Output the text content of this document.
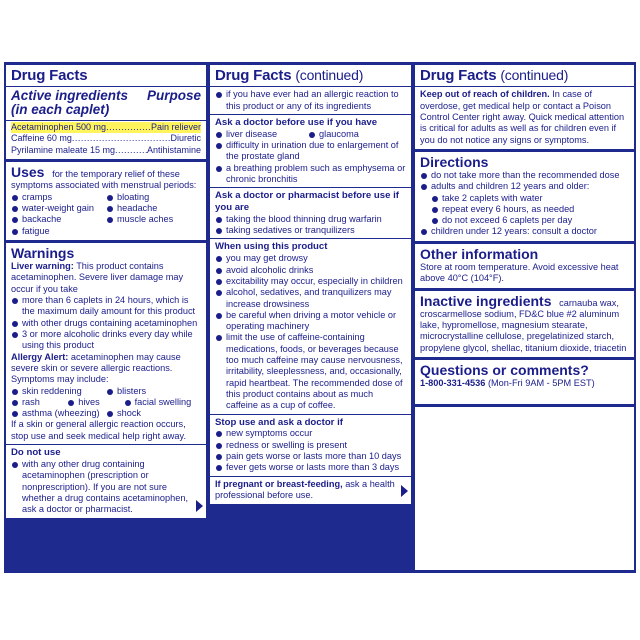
Drug Facts
Active ingredients Purpose
(in each caplet)
Acetaminophen 500 mg .....	Pain reliever
Caffeine 60 mg .....	Diuretic
Pyrilamine maleate 15 mg .....	Antihistamine
Uses for the temporary relief of these symptoms associated with menstrual periods:
cramps	bloating
water-weight gain	headache
backache	muscle aches
fatigue
Warnings
Liver warning: This product contains acetaminophen. Severe liver damage may occur if you take
more than 6 caplets in 24 hours, which is the maximum daily amount for this product
with other drugs containing acetaminophen
3 or more alcoholic drinks every day while using this product
Allergy Alert: acetaminophen may cause severe skin or severe allergic reactions. Symptoms may include:
skin reddening	blisters
rash	hives	facial swelling
asthma (wheezing)	shock
If a skin or general allergic reaction occurs, stop use and seek medical help right away.
Do not use
with any other drug containing acetaminophen (prescription or nonprescription). If you are not sure whether a drug contains acetaminophen, ask a doctor or pharmacist.
Drug Facts (continued)
if you have ever had an allergic reaction to this product or any of its ingredients
Ask a doctor before use if you have
liver disease	glaucoma
difficulty in urination due to enlargement of the prostate gland
a breathing problem such as emphysema or chronic bronchitis
Ask a doctor or pharmacist before use if you are
taking the blood thinning drug warfarin
taking sedatives or tranquilizers
When using this product
you may get drowsy
avoid alcoholic drinks
excitability may occur, especially in children
alcohol, sedatives, and tranquilizers may increase drowsiness
be careful when driving a motor vehicle or operating machinery
limit the use of caffeine-containing medications, foods, or beverages because too much caffeine may cause nervousness, irritability, sleeplessness, and, occasionally, rapid heartbeat. The recommended dose of this product contains about as much caffeine as a cup of coffee.
Stop use and ask a doctor if
new symptoms occur
redness or swelling is present
pain gets worse or lasts more than 10 days
fever gets worse or lasts more than 3 days
If pregnant or breast-feeding, ask a health professional before use.
Drug Facts (continued)
Keep out of reach of children. In case of overdose, get medical help or contact a Poison Control Center right away. Quick medical attention is critical for adults as well as for children even if you do not notice any signs or symptoms.
Directions
do not take more than the recommended dose
adults and children 12 years and older:
take 2 caplets with water
repeat every 6 hours, as needed
do not exceed 6 caplets per day
children under 12 years: consult a doctor
Other information
Store at room temperature. Avoid excessive heat above 40°C (104°F).
Inactive ingredients carnauba wax, croscarmellose sodium, FD&C blue #2 aluminum lake, hypromellose, magnesium stearate, microcrystalline cellulose, pregelatinized starch, propylene glycol, shellac, titanium dioxide, triacetin
Questions or comments?
1-800-331-4536 (Mon-Fri 9AM - 5PM EST)
